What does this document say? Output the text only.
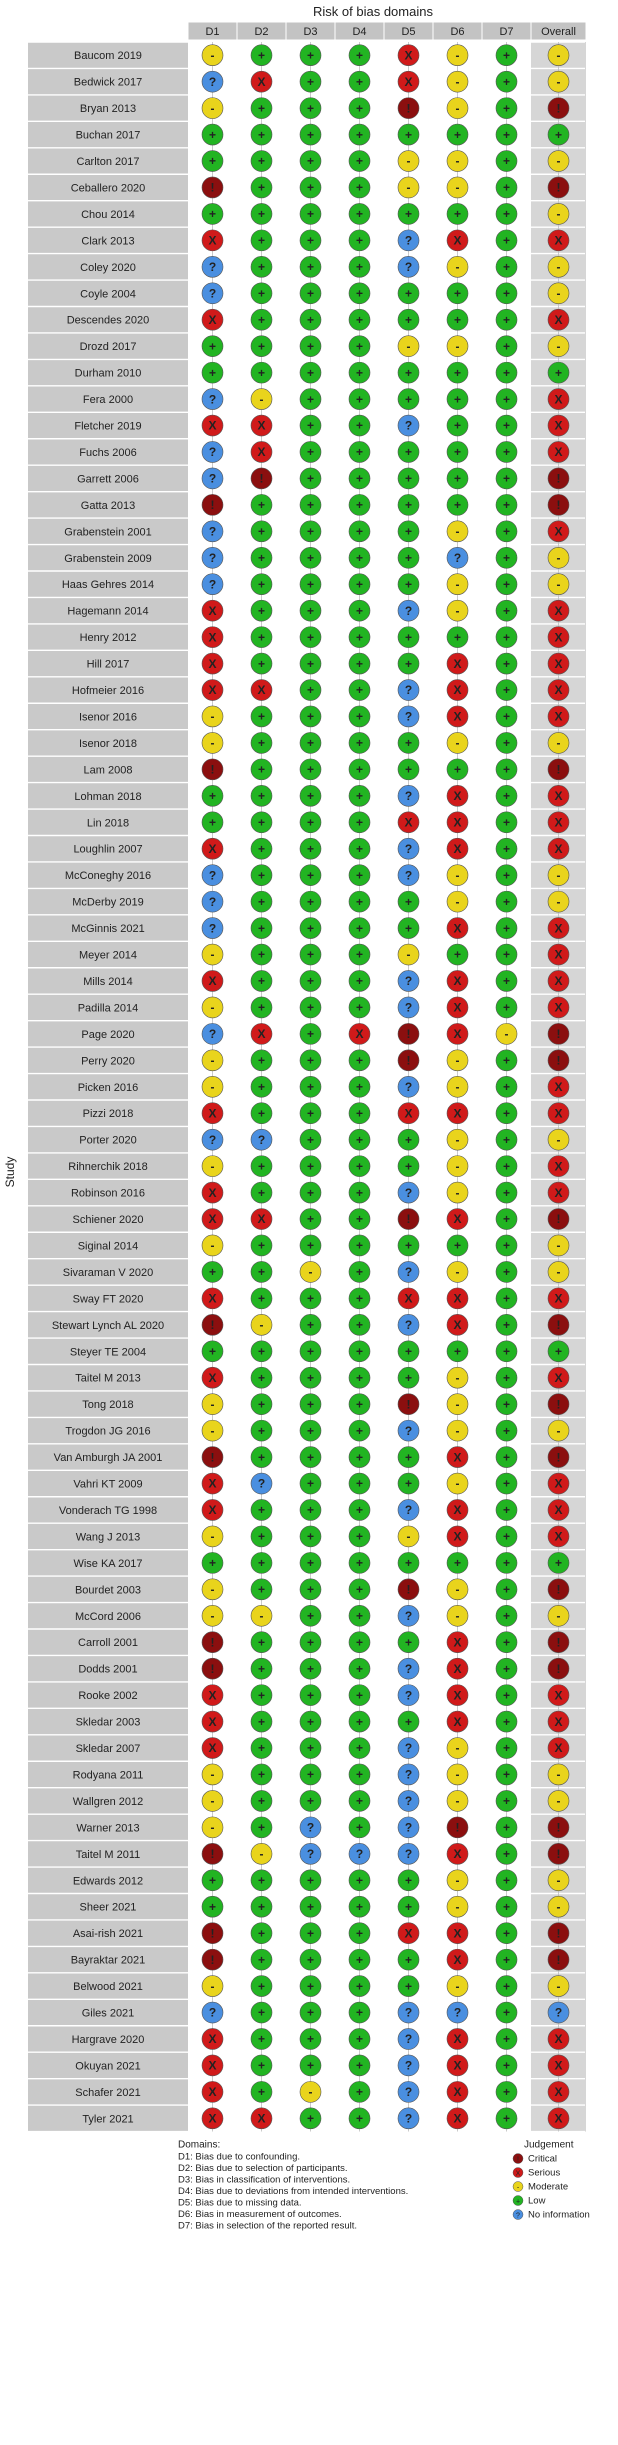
Risk of bias domains
Study
D1	D2	D3	D4	D5	D6	D7	Overall
Baucom 2019	-	+	+	+	X	-	+	-
Bedwick 2017	?	X	+	+	X	-	+	-
Bryan 2013	-	+	+	+	!	-	+	!
Buchan 2017	+	+	+	+	+	+	+	+
Carlton 2017	+	+	+	+	-	-	+	-
Ceballero 2020	!	+	+	+	-	-	+	!
Chou 2014	+	+	+	+	+	+	+	-
Clark 2013	X	+	+	+	?	X	+	X
Coley 2020	?	+	+	+	?	-	+	-
Coyle 2004	?	+	+	+	+	+	+	-
Descendes 2020	X	+	+	+	+	+	+	X
Drozd 2017	+	+	+	+	-	-	+	-
Durham 2010	+	+	+	+	+	+	+	+
Fera 2000	?	-	+	+	+	+	+	X
Fletcher 2019	X	X	+	+	?	+	+	X
Fuchs 2006	?	X	+	+	+	+	+	X
Garrett 2006	?	!	+	+	+	+	+	!
Gatta 2013	!	+	+	+	+	+	+	!
Grabenstein 2001	?	+	+	+	+	-	+	X
Grabenstein 2009	?	+	+	+	+	?	+	-
Haas Gehres 2014	?	+	+	+	+	-	+	-
Hagemann 2014	X	+	+	+	?	-	+	X
Henry 2012	X	+	+	+	+	+	+	X
Hill 2017	X	+	+	+	+	X	+	X
Hofmeier 2016	X	X	+	+	?	X	+	X
Isenor 2016	-	+	+	+	?	X	+	X
Isenor 2018	-	+	+	+	+	-	+	-
Lam 2008	!	+	+	+	+	+	+	!
Lohman 2018	+	+	+	+	?	X	+	X
Lin 2018	+	+	+	+	X	X	+	X
Loughlin 2007	X	+	+	+	?	X	+	X
McConeghy 2016	?	+	+	+	?	-	+	-
McDerby 2019	?	+	+	+	+	-	+	-
McGinnis 2021	?	+	+	+	+	X	+	X
Meyer 2014	-	+	+	+	-	+	+	X
Mills 2014	X	+	+	+	?	X	+	X
Padilla 2014	-	+	+	+	?	X	+	X
Page 2020	?	X	+	X	!	X	-	!
Perry 2020	-	+	+	+	!	-	+	!
Picken 2016	-	+	+	+	?	-	+	X
Pizzi 2018	X	+	+	+	X	X	+	X
Porter 2020	?	?	+	+	+	-	+	-
Rihnerchik 2018	-	+	+	+	+	-	+	X
Robinson 2016	X	+	+	+	?	-	+	X
Schiener 2020	X	X	+	+	!	X	+	!
Siginal 2014	-	+	+	+	+	+	+	-
Sivaraman V 2020	+	+	-	+	?	-	+	-
Sway FT 2020	X	+	+	+	X	X	+	X
Stewart Lynch AL 2020	!	-	+	+	?	X	+	!
Steyer TE 2004	+	+	+	+	+	+	+	+
Taitel M 2013	X	+	+	+	+	-	+	X
Tong 2018	-	+	+	+	!	-	+	!
Trogdon JG 2016	-	+	+	+	?	-	+	-
Van Amburgh JA 2001	!	+	+	+	+	X	+	!
Vahri KT 2009	X	?	+	+	+	-	+	X
Vonderach TG 1998	X	+	+	+	?	X	+	X
Wang J 2013	-	+	+	+	-	X	+	X
Wise KA 2017	+	+	+	+	+	+	+	+
Bourdet 2003	-	+	+	+	!	-	+	!
McCord 2006	-	-	+	+	?	-	+	-
Carroll 2001	!	+	+	+	+	X	+	!
Dodds 2001	!	+	+	+	?	X	+	!
Rooke 2002	X	+	+	+	?	X	+	X
Skledar 2003	X	+	+	+	+	X	+	X
Skledar 2007	X	+	+	+	?	-	+	X
Rodyana 2011	-	+	+	+	?	-	+	-
Wallgren 2012	-	+	+	+	?	-	+	-
Warner 2013	-	+	?	+	?	!	+	!
Taitel M 2011	!	-	?	?	?	X	+	!
Edwards 2012	+	+	+	+	+	-	+	-
Sheer 2021	+	+	+	+	+	-	+	-
Asai-rish 2021	!	+	+	+	X	X	+	!
Bayraktar 2021	!	+	+	+	+	X	+	!
Belwood 2021	-	+	+	+	+	-	+	-
Giles 2021	?	+	+	+	?	?	+	?
Hargrave 2020	X	+	+	+	?	X	+	X
Okuyan 2021	X	+	+	+	?	X	+	X
Schafer 2021	X	+	-	+	?	X	+	X
Tyler 2021	X	X	+	+	?	X	+	X
Domains:
D1: Bias due to confounding.
D2: Bias due to selection of participants.
D3: Bias in classification of interventions.
D4: Bias due to deviations from intended interventions.
D5: Bias due to missing data.
D6: Bias in measurement of outcomes.
D7: Bias in selection of the reported result.
Judgement
! Critical
X Serious
- Moderate
+ Low
? No information
